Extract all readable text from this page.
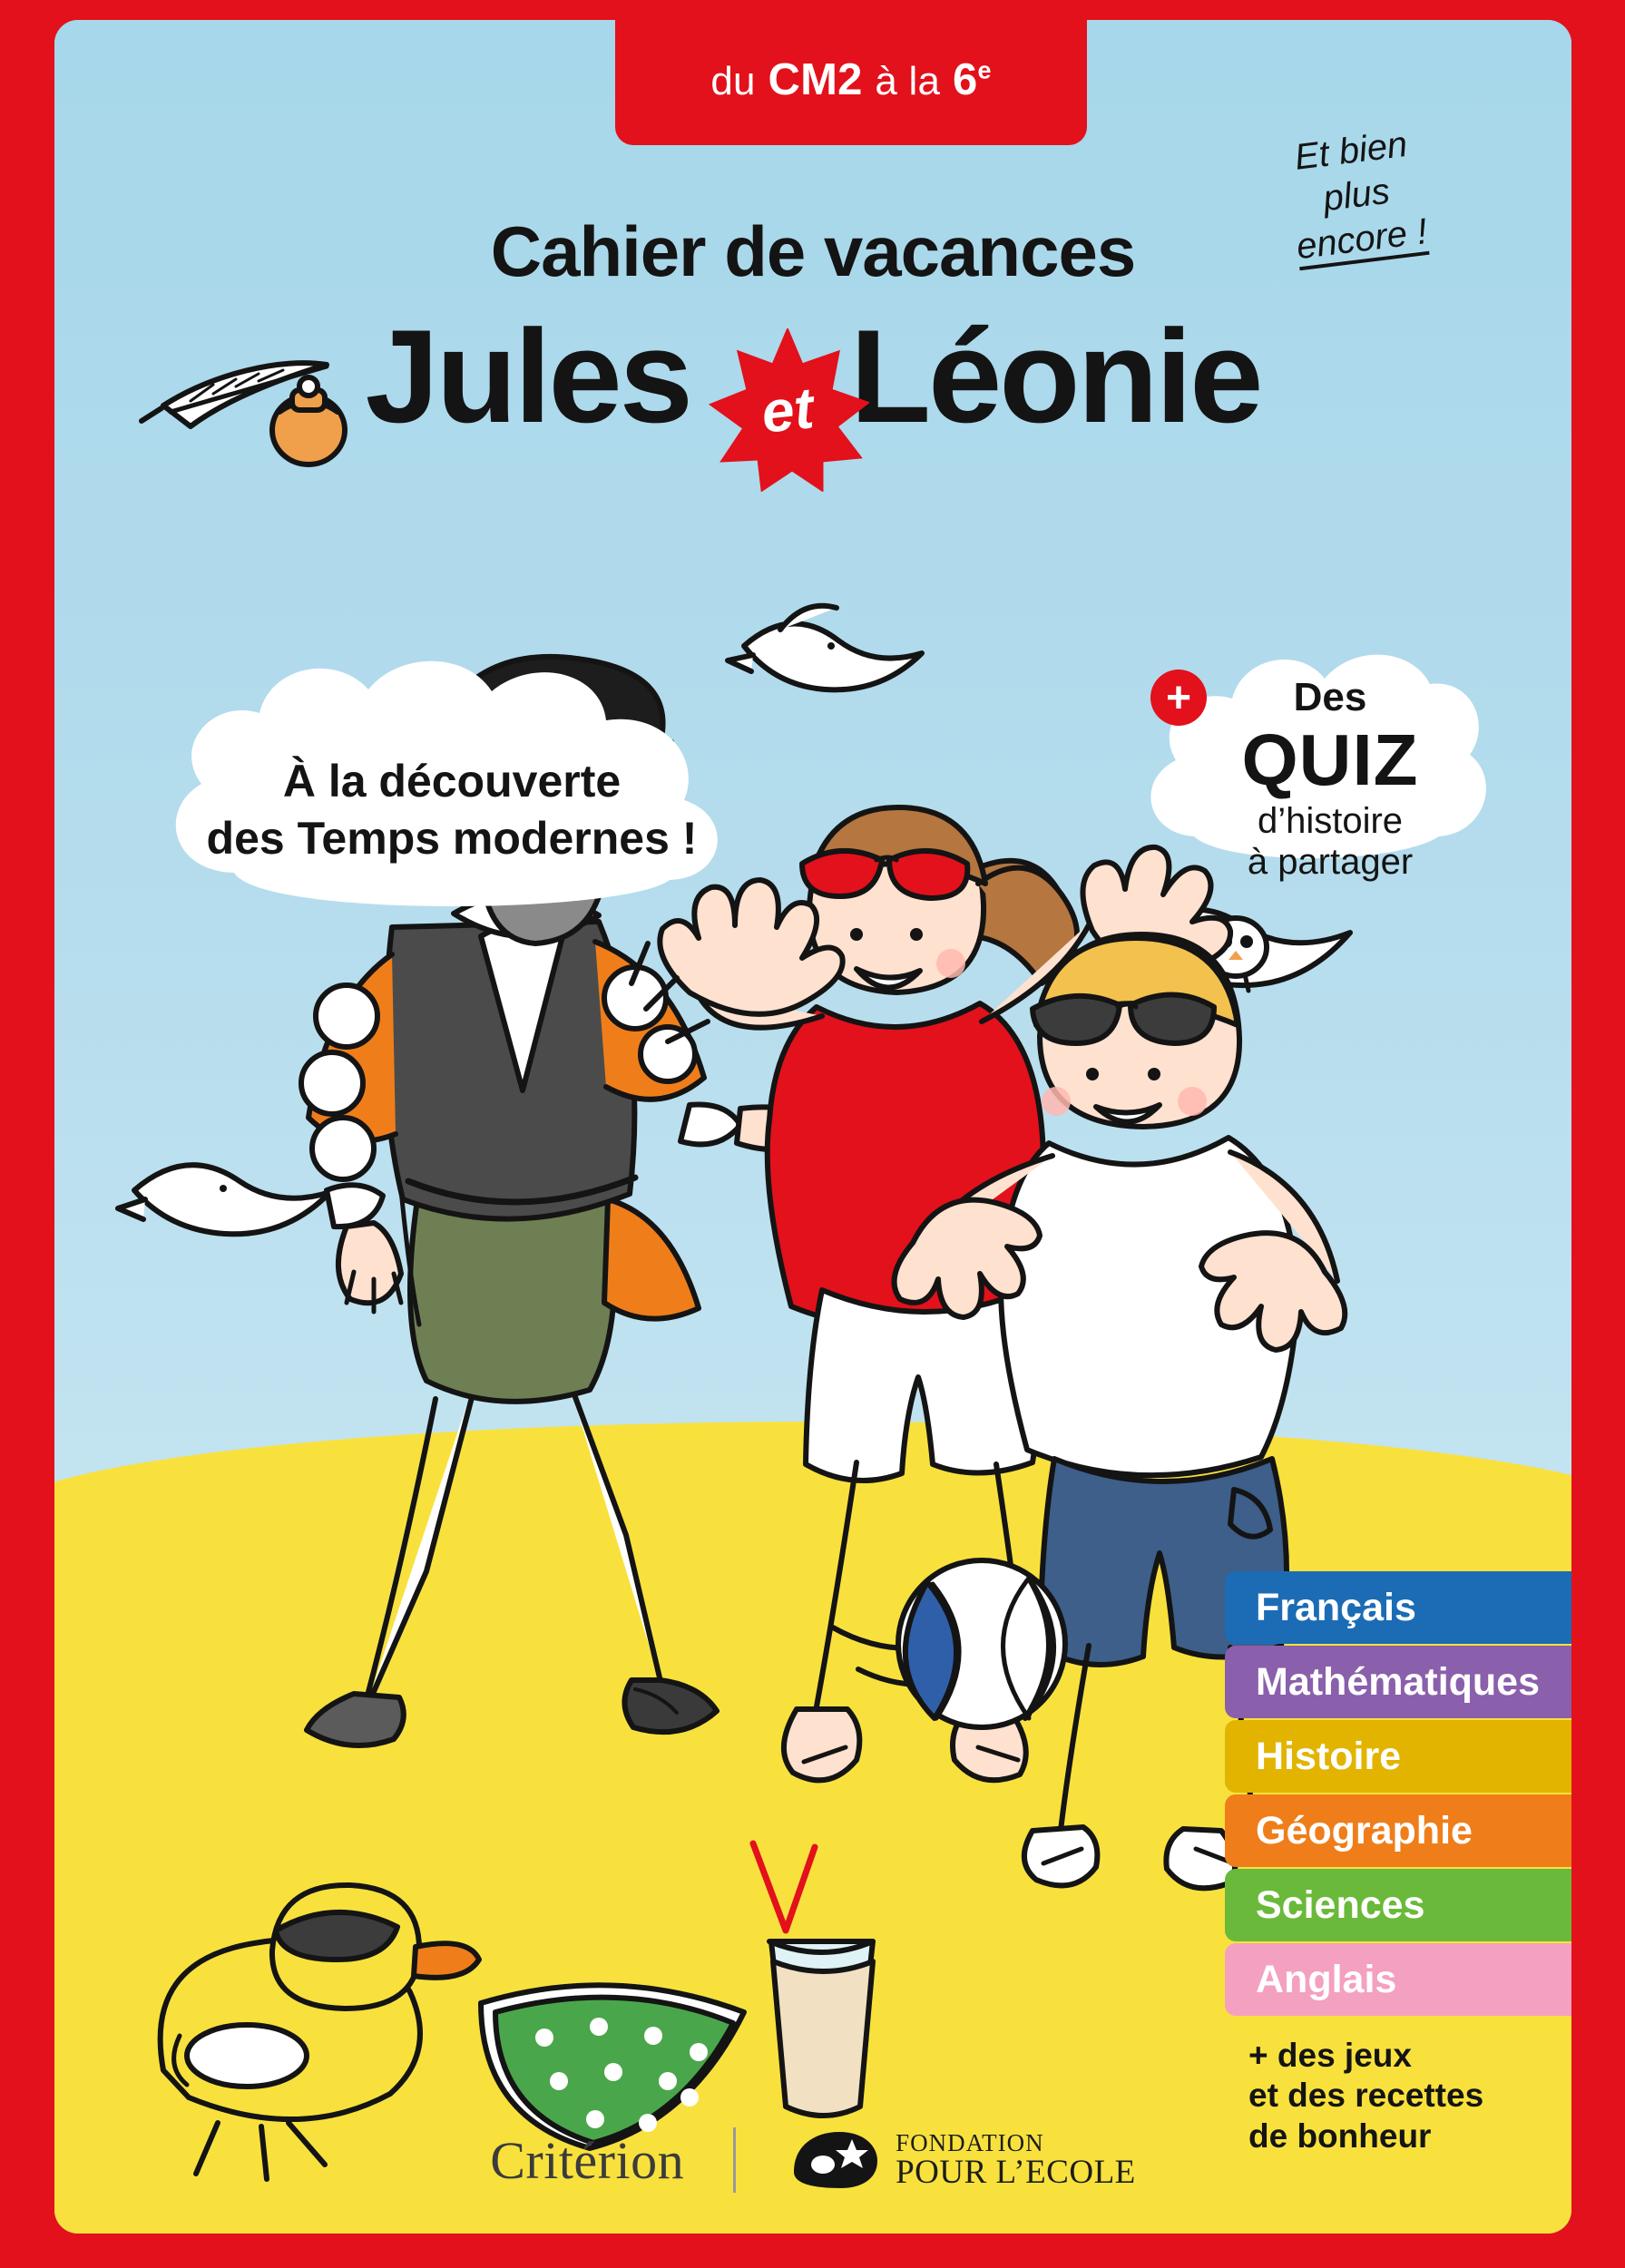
du CM2 à la 6e
Et bien
plus
encore !
Cahier de vacances
Jules Léonie
et
À la découverte
des Temps modernes !
+	Des
QUIZ
d’histoire
à partager
Français
Mathématiques
Histoire
Géographie
Sciences
Anglais
+ des jeux
et des recettes
de bonheur
Critérion	FONDATION
POUR L’ECOLE
